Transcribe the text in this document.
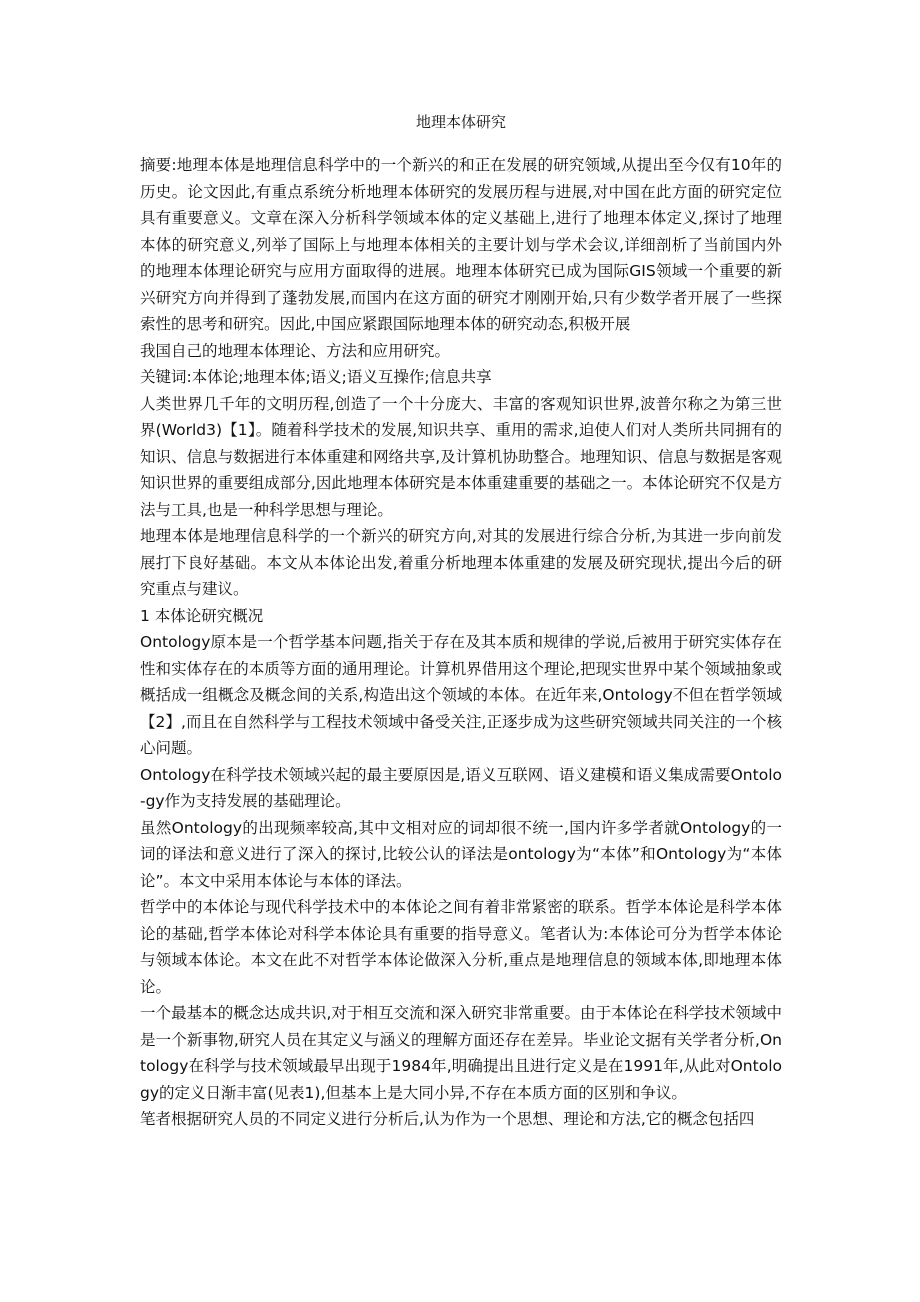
地理本体研究

摘要:地理本体是地理信息科学中的一个新兴的和正在发展的研究领域,从提出至今仅有10年的历史。论文因此,有重点系统分析地理本体研究的发展历程与进展,对中国在此方面的研究定位具有重要意义。文章在深入分析科学领域本体的定义基础上,进行了地理本体定义,探讨了地理本体的研究意义,列举了国际上与地理本体相关的主要计划与学术会议,详细剖析了当前国内外的地理本体理论研究与应用方面取得的进展。地理本体研究已成为国际GIS领域一个重要的新兴研究方向并得到了蓬勃发展,而国内在这方面的研究才刚刚开始,只有少数学者开展了一些探索性的思考和研究。因此,中国应紧跟国际地理本体的研究动态,积极开展

我国自己的地理本体理论、方法和应用研究。

关键词:本体论;地理本体;语义;语义互操作;信息共享

人类世界几千年的文明历程,创造了一个十分庞大、丰富的客观知识世界,波普尔称之为第三世界(World3)【1】。随着科学技术的发展,知识共享、重用的需求,迫使人们对人类所共同拥有的知识、信息与数据进行本体重建和网络共享,及计算机协助整合。地理知识、信息与数据是客观知识世界的重要组成部分,因此地理本体研究是本体重建重要的基础之一。本体论研究不仅是方法与工具,也是一种科学思想与理论。

地理本体是地理信息科学的一个新兴的研究方向,对其的发展进行综合分析,为其进一步向前发展打下良好基础。本文从本体论出发,着重分析地理本体重建的发展及研究现状,提出今后的研究重点与建议。

1 本体论研究概况

Ontology原本是一个哲学基本问题,指关于存在及其本质和规律的学说,后被用于研究实体存在性和实体存在的本质等方面的通用理论。计算机界借用这个理论,把现实世界中某个领域抽象或概括成一组概念及概念间的关系,构造出这个领域的本体。在近年来,Ontology不但在哲学领域【2】,而且在自然科学与工程技术领域中备受关注,正逐步成为这些研究领域共同关注的一个核心问题。

Ontology在科学技术领域兴起的最主要原因是,语义互联网、语义建模和语义集成需要Ontolo-gy作为支持发展的基础理论。

虽然Ontology的出现频率较高,其中文相对应的词却很不统一,国内许多学者就Ontology的一词的译法和意义进行了深入的探讨,比较公认的译法是ontology为“本体”和Ontology为“本体论”。本文中采用本体论与本体的译法。

哲学中的本体论与现代科学技术中的本体论之间有着非常紧密的联系。哲学本体论是科学本体论的基础,哲学本体论对科学本体论具有重要的指导意义。笔者认为:本体论可分为哲学本体论与领域本体论。本文在此不对哲学本体论做深入分析,重点是地理信息的领域本体,即地理本体论。

一个最基本的概念达成共识,对于相互交流和深入研究非常重要。由于本体论在科学技术领域中是一个新事物,研究人员在其定义与涵义的理解方面还存在差异。毕业论文据有关学者分析,Ontology在科学与技术领域最早出现于1984年,明确提出且进行定义是在1991年,从此对Ontology的定义日渐丰富(见表1),但基本上是大同小异,不存在本质方面的区别和争议。

笔者根据研究人员的不同定义进行分析后,认为作为一个思想、理论和方法,它的概念包括四
